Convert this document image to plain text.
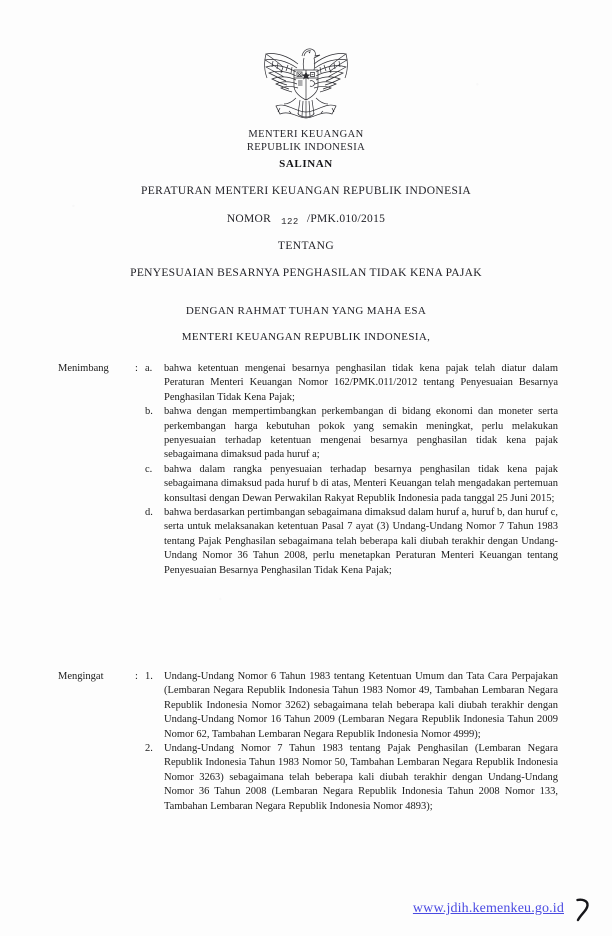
MENTERI KEUANGAN
REPUBLIK INDONESIA
SALINAN
PERATURAN MENTERI KEUANGAN REPUBLIK INDONESIA
NOMOR 122 /PMK.010/2015
TENTANG
PENYESUAIAN BESARNYA PENGHASILAN TIDAK KENA PAJAK
DENGAN RAHMAT TUHAN YANG MAHA ESA
MENTERI KEUANGAN REPUBLIK INDONESIA,
Menimbang	: a.	bahwa ketentuan mengenai besarnya penghasilan tidak kena pajak telah diatur dalam Peraturan Menteri Keuangan Nomor 162/PMK.011/2012 tentang Penyesuaian Besarnya Penghasilan Tidak Kena Pajak;
b.	bahwa dengan mempertimbangkan perkembangan di bidang ekonomi dan moneter serta perkembangan harga kebutuhan pokok yang semakin meningkat, perlu melakukan penyesuaian terhadap ketentuan mengenai besarnya penghasilan tidak kena pajak sebagaimana dimaksud pada huruf a;
c.	bahwa dalam rangka penyesuaian terhadap besarnya penghasilan tidak kena pajak sebagaimana dimaksud pada huruf b di atas, Menteri Keuangan telah mengadakan pertemuan konsultasi dengan Dewan Perwakilan Rakyat Republik Indonesia pada tanggal 25 Juni 2015;
d.	bahwa berdasarkan pertimbangan sebagaimana dimaksud dalam huruf a, huruf b, dan huruf c, serta untuk melaksanakan ketentuan Pasal 7 ayat (3) Undang-Undang Nomor 7 Tahun 1983 tentang Pajak Penghasilan sebagaimana telah beberapa kali diubah terakhir dengan Undang-Undang Nomor 36 Tahun 2008, perlu menetapkan Peraturan Menteri Keuangan tentang Penyesuaian Besarnya Penghasilan Tidak Kena Pajak;
Mengingat	: 1.	Undang-Undang Nomor 6 Tahun 1983 tentang Ketentuan Umum dan Tata Cara Perpajakan (Lembaran Negara Republik Indonesia Tahun 1983 Nomor 49, Tambahan Lembaran Negara Republik Indonesia Nomor 3262) sebagaimana telah beberapa kali diubah terakhir dengan Undang-Undang Nomor 16 Tahun 2009 (Lembaran Negara Republik Indonesia Tahun 2009 Nomor 62, Tambahan Lembaran Negara Republik Indonesia Nomor 4999);
2.	Undang-Undang Nomor 7 Tahun 1983 tentang Pajak Penghasilan (Lembaran Negara Republik Indonesia Tahun 1983 Nomor 50, Tambahan Lembaran Negara Republik Indonesia Nomor 3263) sebagaimana telah beberapa kali diubah terakhir dengan Undang-Undang Nomor 36 Tahun 2008 (Lembaran Negara Republik Indonesia Tahun 2008 Nomor 133, Tambahan Lembaran Negara Republik Indonesia Nomor 4893);
www.jdih.kemenkeu.go.id
